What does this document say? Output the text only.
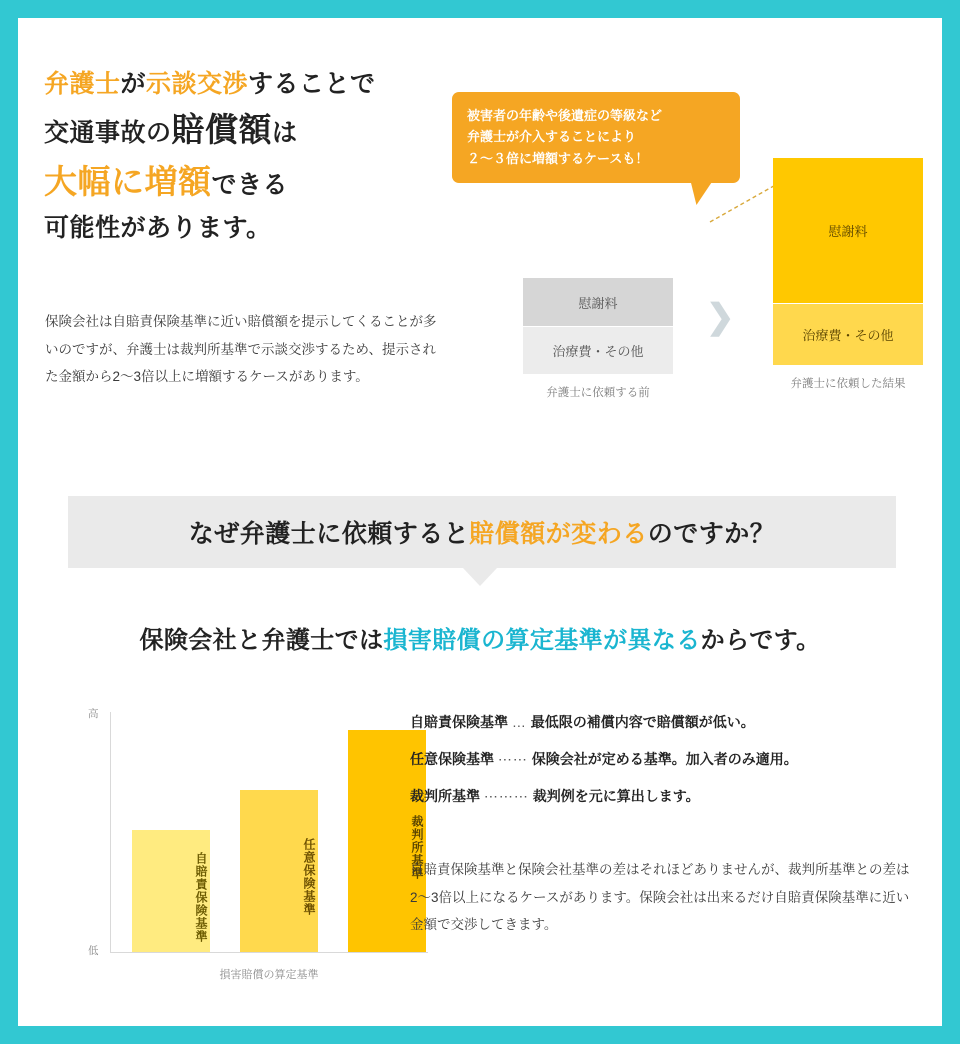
弁護士が示談交渉することで
交通事故の賠償額は
大幅に増額できる
可能性があります。
保険会社は自賠責保険基準に近い賠償額を提示してくることが多いのですが、弁護士は裁判所基準で示談交渉するため、提示された金額から2〜3倍以上に増額するケースがあります。
被害者の年齢や後遺症の等級など
弁護士が介入することにより
２〜３倍に増額するケースも！
慰謝料
治療費・その他
弁護士に依頼する前
❯
慰謝料
治療費・その他
弁護士に依頼した結果
なぜ弁護士に依頼すると 賠償額が変わる のですか？
保険会社と弁護士では損害賠償の算定基準が異なるからです。
高
低
自賠責保険基準	任意保険基準	裁判所基準
損害賠償の算定基準
自賠責保険基準 … 最低限の補償内容で賠償額が低い。
任意保険基準 ⋯⋯ 保険会社が定める基準。加入者のみ適用。
裁判所基準 ⋯⋯⋯ 裁判例を元に算出します。
自賠責保険基準と保険会社基準の差はそれほどありませんが、裁判所基準との差は2〜3倍以上になるケースがあります。保険会社は出来るだけ自賠責保険基準に近い金額で交渉してきます。
